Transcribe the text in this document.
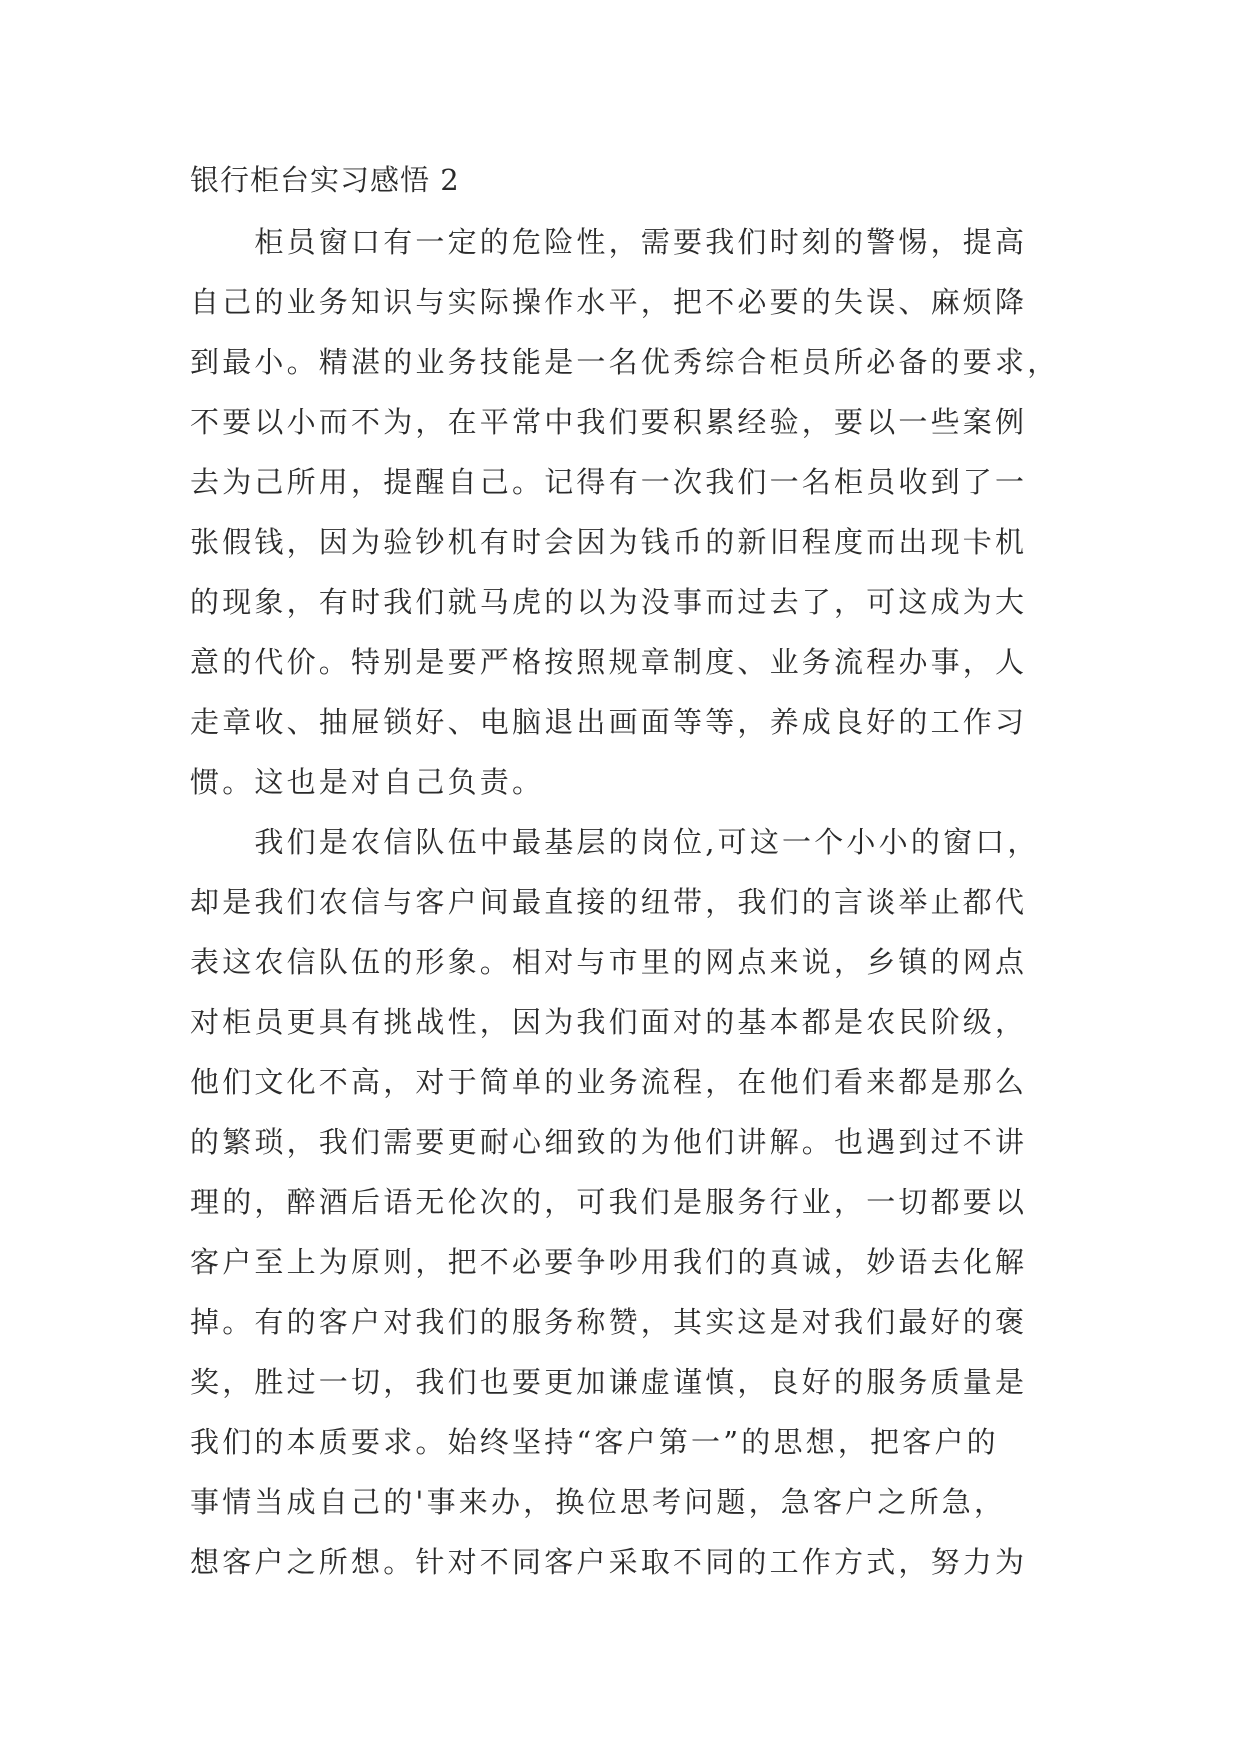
银行柜台实习感悟 2
　　柜员窗口有一定的危险性，需要我们时刻的警惕，提高
自己的业务知识与实际操作水平，把不必要的失误、麻烦降
到最小。精湛的业务技能是一名优秀综合柜员所必备的要求，
不要以小而不为，在平常中我们要积累经验，要以一些案例
去为己所用，提醒自己。记得有一次我们一名柜员收到了一
张假钱，因为验钞机有时会因为钱币的新旧程度而出现卡机
的现象，有时我们就马虎的以为没事而过去了，可这成为大
意的代价。特别是要严格按照规章制度、业务流程办事，人
走章收、抽屉锁好、电脑退出画面等等，养成良好的工作习
惯。这也是对自己负责。
　　我们是农信队伍中最基层的岗位,可这一个小小的窗口，
却是我们农信与客户间最直接的纽带，我们的言谈举止都代
表这农信队伍的形象。相对与市里的网点来说，乡镇的网点
对柜员更具有挑战性，因为我们面对的基本都是农民阶级，
他们文化不高，对于简单的业务流程，在他们看来都是那么
的繁琐，我们需要更耐心细致的为他们讲解。也遇到过不讲
理的，醉酒后语无伦次的，可我们是服务行业，一切都要以
客户至上为原则，把不必要争吵用我们的真诚，妙语去化解
掉。有的客户对我们的服务称赞，其实这是对我们最好的褒
奖，胜过一切，我们也要更加谦虚谨慎，良好的服务质量是
我们的本质要求。始终坚持“客户第一”的思想，把客户的
事情当成自己的'事来办，换位思考问题，急客户之所急，
想客户之所想。针对不同客户采取不同的工作方式，努力为
